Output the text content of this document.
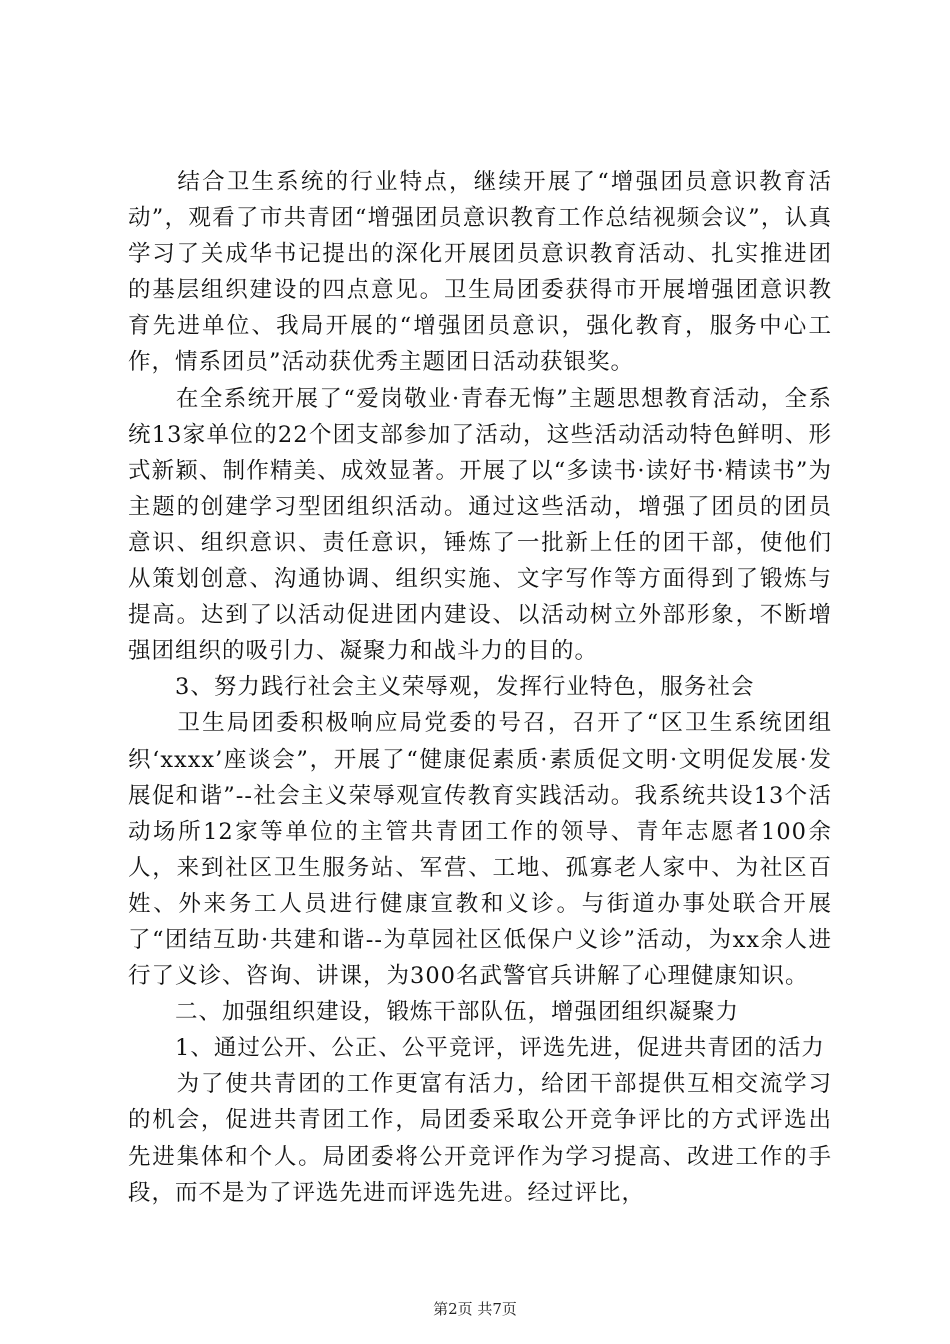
　　结合卫生系统的行业特点，继续开展了“增强团员意识教育活动”，观看了市共青团“增强团员意识教育工作总结视频会议”，认真学习了关成华书记提出的深化开展团员意识教育活动、扎实推进团的基层组织建设的四点意见。卫生局团委获得市开展增强团意识教育先进单位、我局开展的“增强团员意识，强化教育，服务中心工作，情系团员”活动获优秀主题团日活动获银奖。

　　在全系统开展了“爱岗敬业·青春无悔”主题思想教育活动，全系统13家单位的22个团支部参加了活动，这些活动活动特色鲜明、形式新颖、制作精美、成效显著。开展了以“多读书·读好书·精读书”为主题的创建学习型团组织活动。通过这些活动，增强了团员的团员意识、组织意识、责任意识，锤炼了一批新上任的团干部，使他们从策划创意、沟通协调、组织实施、文字写作等方面得到了锻炼与提高。达到了以活动促进团内建设、以活动树立外部形象，不断增强团组织的吸引力、凝聚力和战斗力的目的。

　　3、努力践行社会主义荣辱观，发挥行业特色，服务社会

　　卫生局团委积极响应局党委的号召，召开了“区卫生系统团组织‘xxxx’座谈会”，开展了“健康促素质·素质促文明·文明促发展·发展促和谐”--社会主义荣辱观宣传教育实践活动。我系统共设13个活动场所12家等单位的主管共青团工作的领导、青年志愿者100余人，来到社区卫生服务站、军营、工地、孤寡老人家中、为社区百姓、外来务工人员进行健康宣教和义诊。与街道办事处联合开展了“团结互助·共建和谐--为草园社区低保户义诊”活动，为xx余人进行了义诊、咨询、讲课，为300名武警官兵讲解了心理健康知识。

　　二、加强组织建设，锻炼干部队伍，增强团组织凝聚力

　　1、通过公开、公正、公平竞评，评选先进，促进共青团的活力

　　为了使共青团的工作更富有活力，给团干部提供互相交流学习的机会，促进共青团工作，局团委采取公开竞争评比的方式评选出先进集体和个人。局团委将公开竞评作为学习提高、改进工作的手段，而不是为了评选先进而评选先进。经过评比，

第2页 共7页
